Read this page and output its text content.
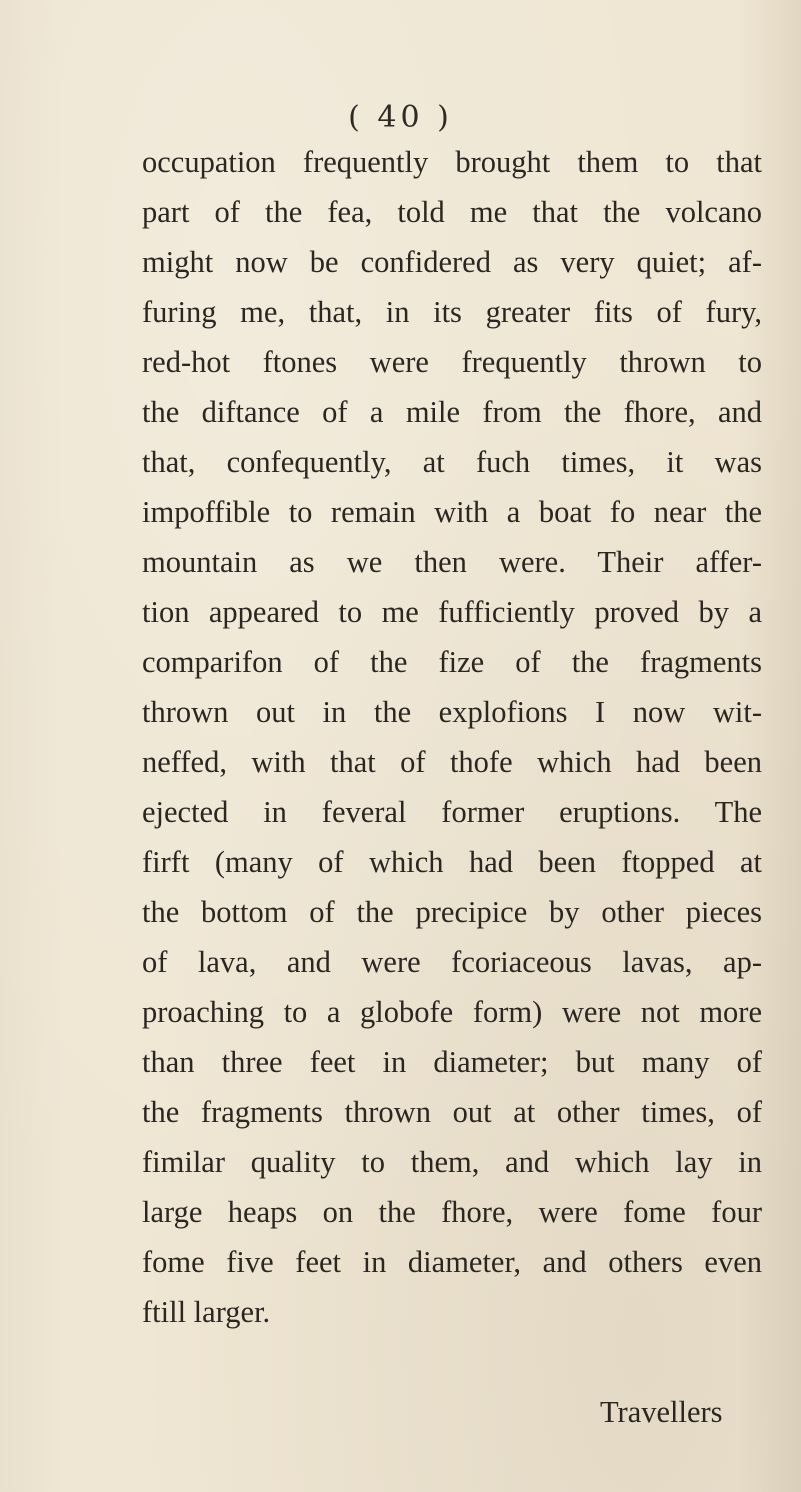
( 40 )
occupation frequently brought them to that
part of the fea, told me that the volcano
might now be confidered as very quiet; af-
furing me, that, in its greater fits of fury,
red-hot ftones were frequently thrown to
the diftance of a mile from the fhore, and
that, confequently, at fuch times, it was
impoffible to remain with a boat fo near the
mountain as we then were. Their affer-
tion appeared to me fufficiently proved by a
comparifon of the fize of the fragments
thrown out in the explofions I now wit-
neffed, with that of thofe which had been
ejected in feveral former eruptions. The
firft (many of which had been ftopped at
the bottom of the precipice by other pieces
of lava, and were fcoriaceous lavas, ap-
proaching to a globofe form) were not more
than three feet in diameter; but many of
the fragments thrown out at other times, of
fimilar quality to them, and which lay in
large heaps on the fhore, were fome four
fome five feet in diameter, and others even
ftill larger.
Travellers
